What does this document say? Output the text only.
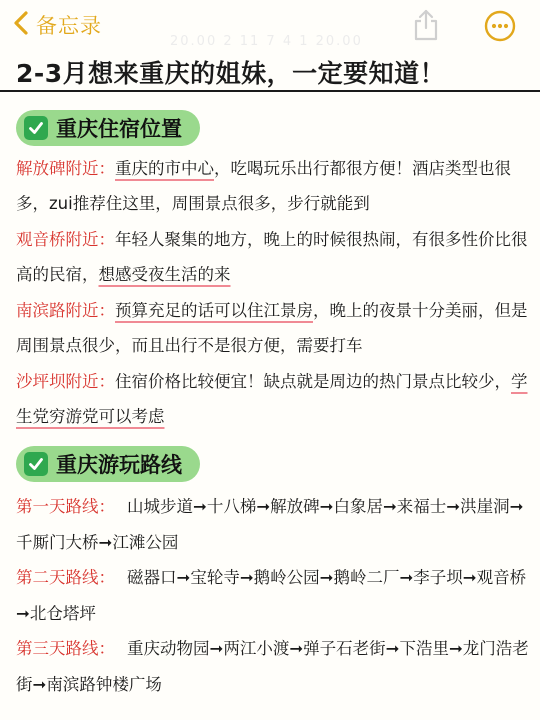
备忘录
20.00 2 11 7 4 1 20.00
2-3月想来重庆的姐妹，一定要知道！
重庆住宿位置
解放碑附近：重庆的市中心，吃喝玩乐出行都很方便！酒店类型也很多，zui推荐住这里，周围景点很多，步行就能到
观音桥附近：年轻人聚集的地方，晚上的时候很热闹，有很多性价比很高的民宿，想感受夜生活的来
南滨路附近：预算充足的话可以住江景房，晚上的夜景十分美丽，但是周围景点很少，而且出行不是很方便，需要打车
沙坪坝附近：住宿价格比较便宜！缺点就是周边的热门景点比较少，学生党穷游党可以考虑
重庆游玩路线
第一天路线： 山城步道➞十八梯➞解放碑➞白象居➞来福士➞洪崖洞➞千厮门大桥➞江滩公园
第二天路线： 磁器口➞宝轮寺➞鹅岭公园➞鹅岭二厂➞李子坝➞观音桥➞北仓塔坪
第三天路线： 重庆动物园➞两江小渡➞弹子石老街➞下浩里➞龙门浩老街➞南滨路钟楼广场
